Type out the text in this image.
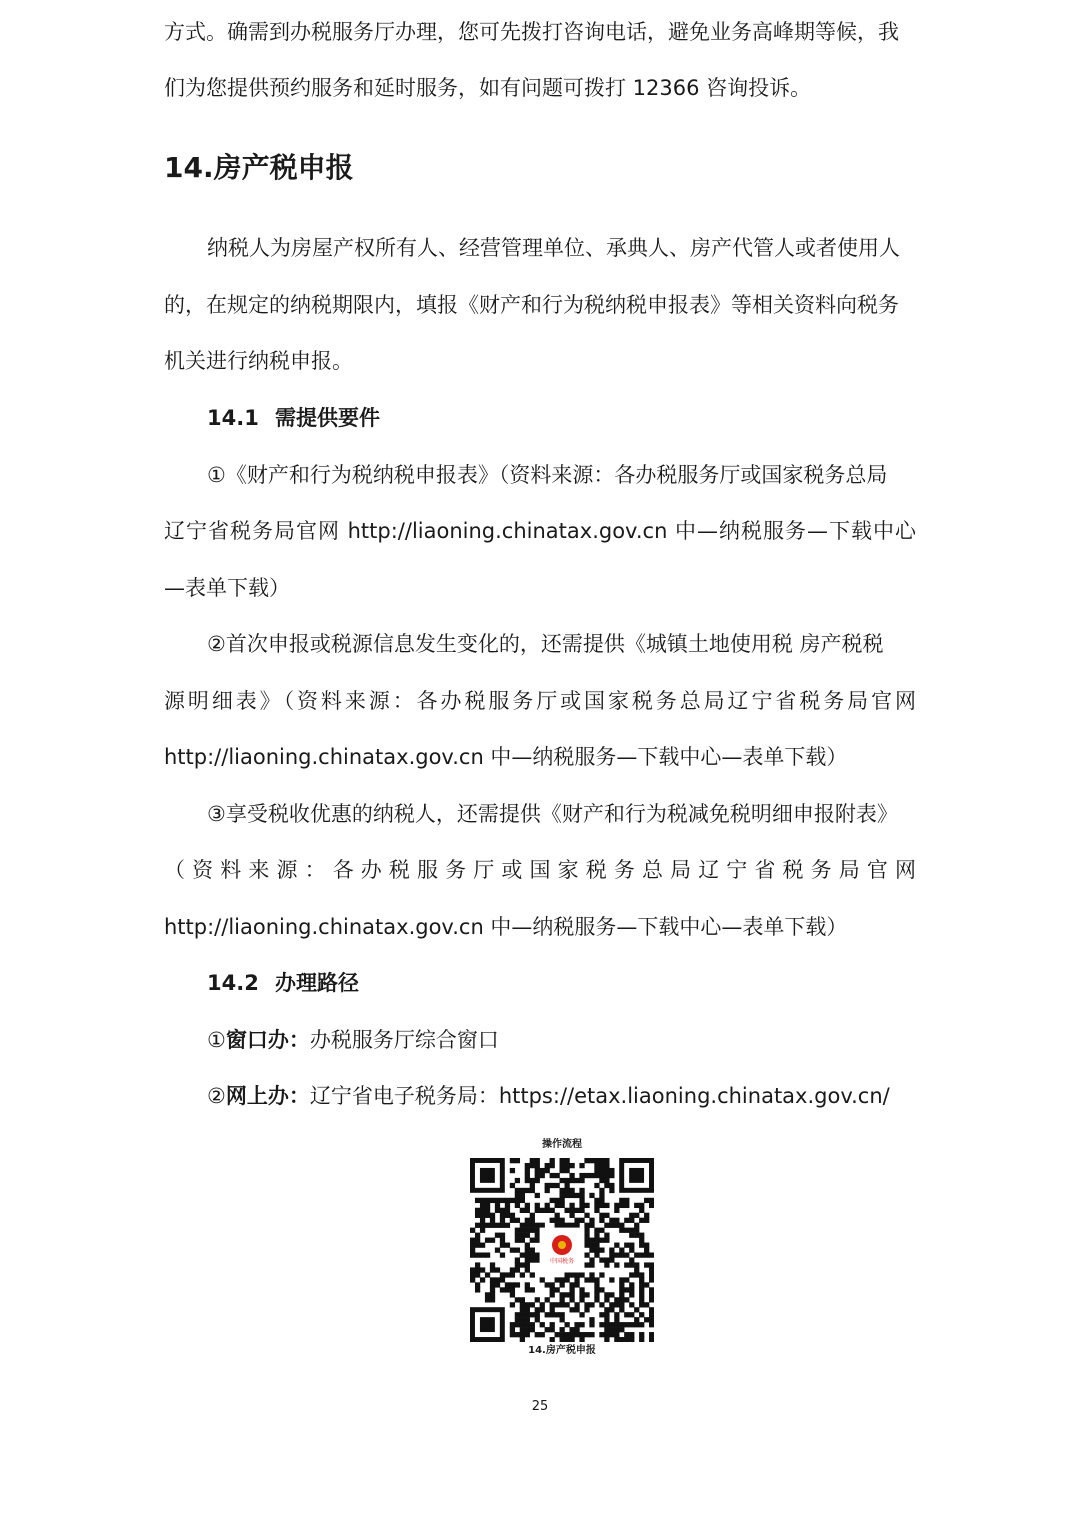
方式。确需到办税服务厅办理，您可先拨打咨询电话，避免业务高峰期等候，我
们为您提供预约服务和延时服务，如有问题可拨打 12366 咨询投诉。
14.房产税申报
纳税人为房屋产权所有人、经营管理单位、承典人、房产代管人或者使用人
的，在规定的纳税期限内，填报《财产和行为税纳税申报表》等相关资料向税务
机关进行纳税申报。
14.1 需提供要件
①《财产和行为税纳税申报表》（资料来源：各办税服务厅或国家税务总局
辽宁省税务局官网 http://liaoning.chinatax.gov.cn 中—纳税服务—下载中心
—表单下载）
②首次申报或税源信息发生变化的，还需提供《城镇土地使用税 房产税税
源明细表》（资料来源：各办税服务厅或国家税务总局辽宁省税务局官网
http://liaoning.chinatax.gov.cn 中—纳税服务—下载中心—表单下载）
③享受税收优惠的纳税人，还需提供《财产和行为税减免税明细申报附表》
（资料来源：各办税服务厅或国家税务总局辽宁省税务局官网
http://liaoning.chinatax.gov.cn 中—纳税服务—下载中心—表单下载）
14.2 办理路径
①窗口办：办税服务厅综合窗口
②网上办：辽宁省电子税务局：https://etax.liaoning.chinatax.gov.cn/
操作流程
中国税务
14.房产税申报
25
